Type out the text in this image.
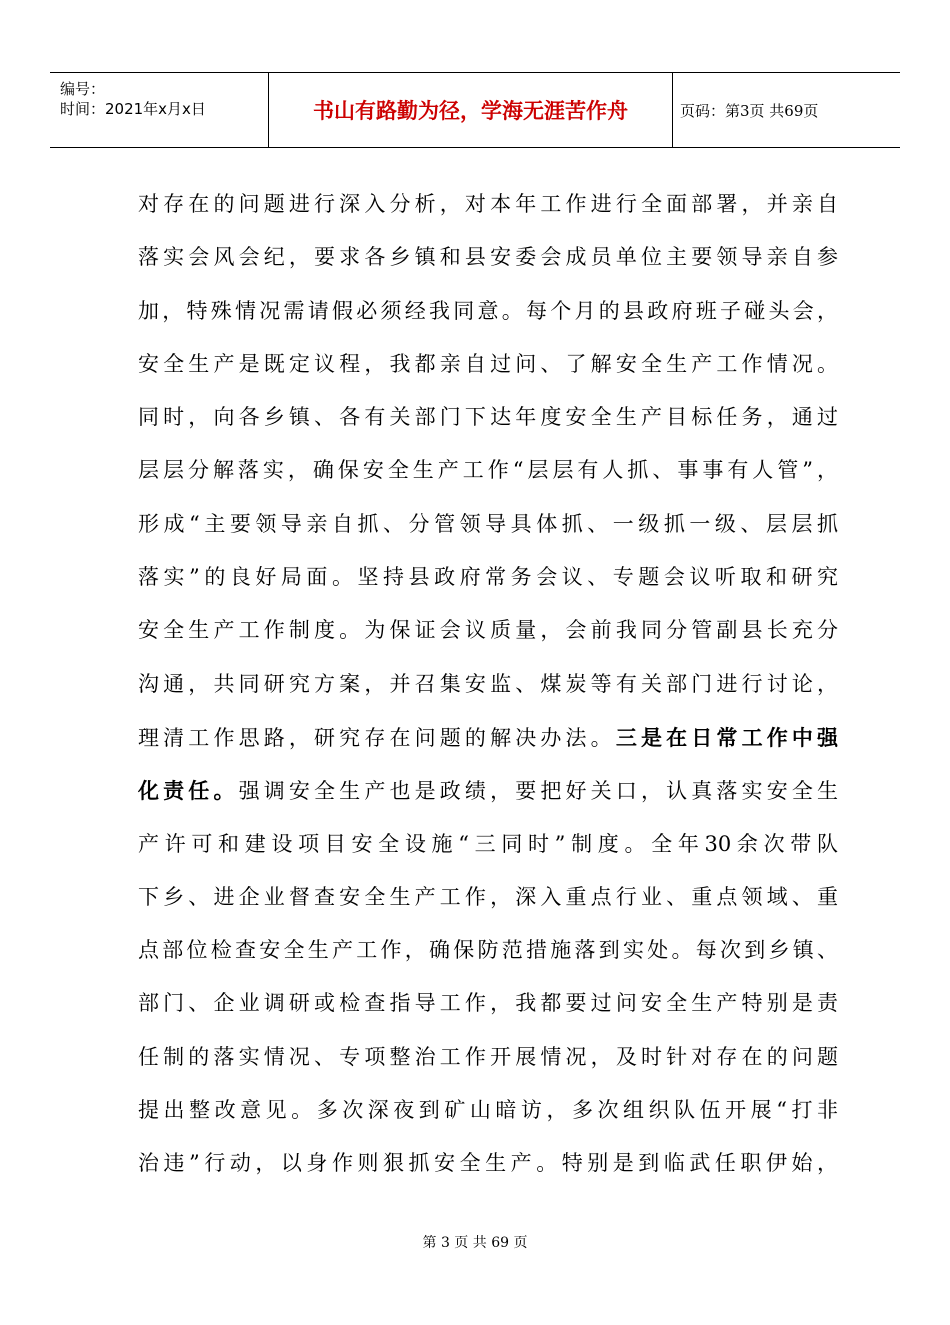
编号：
时间：2021年x月x日	书山有路勤为径，学海无涯苦作舟	页码：第3页 共69页
对存在的问题进行深入分析，对本年工作进行全面部署，并亲自
落实会风会纪，要求各乡镇和县安委会成员单位主要领导亲自参
加，特殊情况需请假必须经我同意。每个月的县政府班子碰头会，
安全生产是既定议程，我都亲自过问、了解安全生产工作情况。
同时，向各乡镇、各有关部门下达年度安全生产目标任务，通过
层层分解落实，确保安全生产工作“层层有人抓、事事有人管”，
形成“主要领导亲自抓、分管领导具体抓、一级抓一级、层层抓
落实”的良好局面。坚持县政府常务会议、专题会议听取和研究
安全生产工作制度。为保证会议质量，会前我同分管副县长充分
沟通，共同研究方案，并召集安监、煤炭等有关部门进行讨论，
理清工作思路，研究存在问题的解决办法。三是在日常工作中强
化责任。强调安全生产也是政绩，要把好关口，认真落实安全生
产许可和建设项目安全设施“三同时”制度。全年30余次带队
下乡、进企业督查安全生产工作，深入重点行业、重点领域、重
点部位检查安全生产工作，确保防范措施落到实处。每次到乡镇、
部门、企业调研或检查指导工作，我都要过问安全生产特别是责
任制的落实情况、专项整治工作开展情况，及时针对存在的问题
提出整改意见。多次深夜到矿山暗访，多次组织队伍开展“打非
治违”行动，以身作则狠抓安全生产。特别是到临武任职伊始，
第 3 页 共 69 页
